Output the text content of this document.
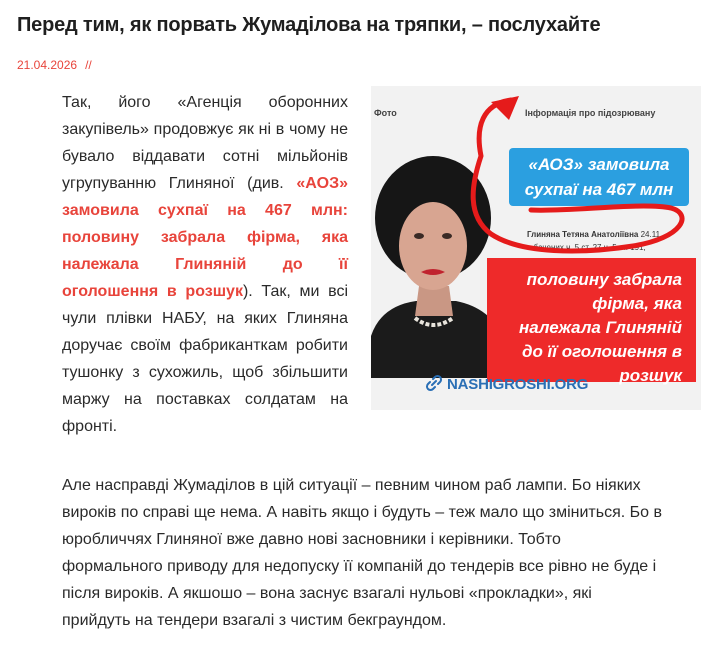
Перед тим, як порвать Жумаділова на тряпки, – послухайте
21.04.2026 //

Так, його «Агенція оборонних закупівель» продовжує як ні в чому не бувало віддавати сотні мільйонів угрупуванню Глиняної (див. «АОЗ» замовила сухпаї на 467 млн: половину забрала фірма, яка належала Глиняній до її оголошення в розшук). Так, ми всі чули плівки НАБУ, на яких Глиняна доручає своїм фабриканткам робити тушонку з сухожиль, щоб збільшити маржу на поставках солдатам на фронті.

Фото	Інформація про підозрювану
«АОЗ» замовила
сухпаї на 467 млн
Глиняна Тетяна Анатоліївна 24.11
...бачених ч. 5 ст. 27 ч. 5 ст. 191,
половину забрала
фірма, яка
належала Глиняній
до її оголошення в
розшук
NASHIGROSHI.ORG

Але насправді Жумаділов в цій ситуації – певним чином раб лампи. Бо ніяких вироків по справі ще нема. А навіть якщо і будуть – теж мало що зміниться. Бо в юробличчях Глиняної вже давно нові засновники і керівники. Тобто формального приводу для недопуску її компаній до тендерів все рівно не буде і після вироків. А якшошо – вона заснує взагалі нульові «прокладки», які прийдуть на тендери взагалі з чистим бекграундом.
